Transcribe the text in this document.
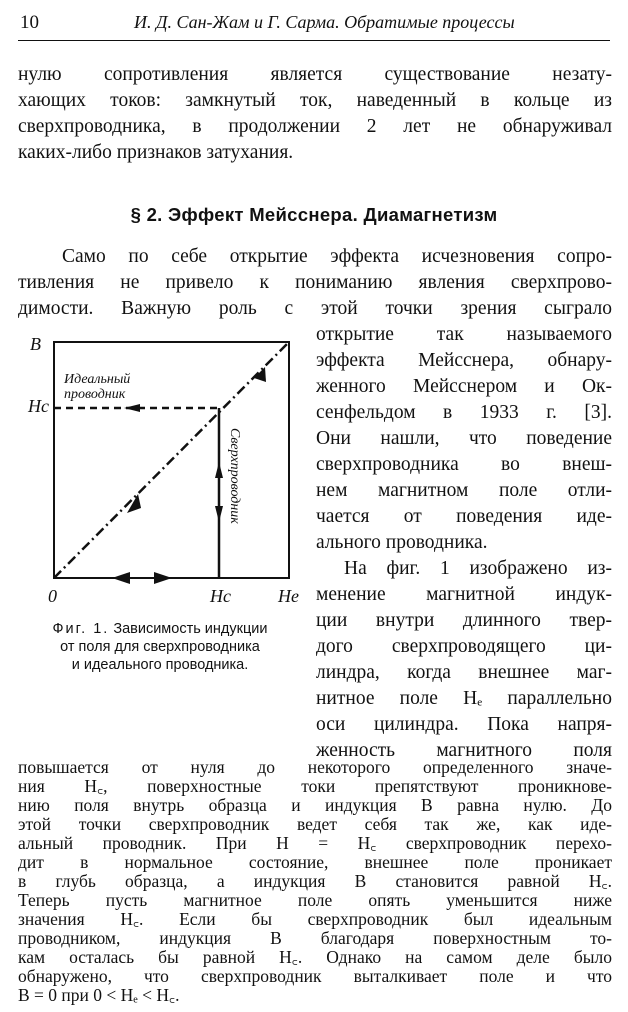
10	И. Д. Сан-Жам и Г. Сарма. Обратимые процессы
нулю сопротивления является существование незату-
хающих токов: замкнутый ток, наведенный в кольце из
сверхпроводника, в продолжении 2 лет не обнаруживал
каких-либо признаков затухания.
§ 2. Эффект Мейсснера. Диамагнетизм
Само по себе открытие эффекта исчезновения сопро-
тивления не привело к пониманию явления сверхпрово-
димости. Важную роль с этой точки зрения сыграло
открытие так называемого
эффекта Мейсснера, обнару-
женного Мейсснером и Ок-
сенфельдом в 1933 г. [3].
Они нашли, что поведение
сверхпроводника во внеш-
нем магнитном поле отли-
чается от поведения иде-
ального проводника.
На фиг. 1 изображено из-
менение магнитной индук-
ции внутри длинного твер-
дого сверхпроводящего ци-
линдра, когда внешнее маг-
нитное поле Hₑ параллельно
оси цилиндра. Пока напря-
женность магнитного поля
повышается от нуля до некоторого определенного значе-
ния H꜀, поверхностные токи препятствуют проникнове-
нию поля внутрь образца и индукция B равна нулю. До
этой точки сверхпроводник ведет себя так же, как иде-
альный проводник. При H = H꜀ сверхпроводник перехо-
дит в нормальное состояние, внешнее поле проникает
в глубь образца, а индукция B становится равной H꜀.
Теперь пусть магнитное поле опять уменьшится ниже
значения H꜀. Если бы сверхпроводник был идеальным
проводником, индукция B благодаря поверхностным то-
кам осталась бы равной H꜀. Однако на самом деле было
обнаружено, что сверхпроводник выталкивает поле и что
B = 0 при 0 < Hₑ < H꜀.
B
Hc
0	Hc	He
Идеальный
проводник
Сверхпроводник
Фиг. 1. Зависимость индукции
от поля для сверхпроводника
и идеального проводника.
